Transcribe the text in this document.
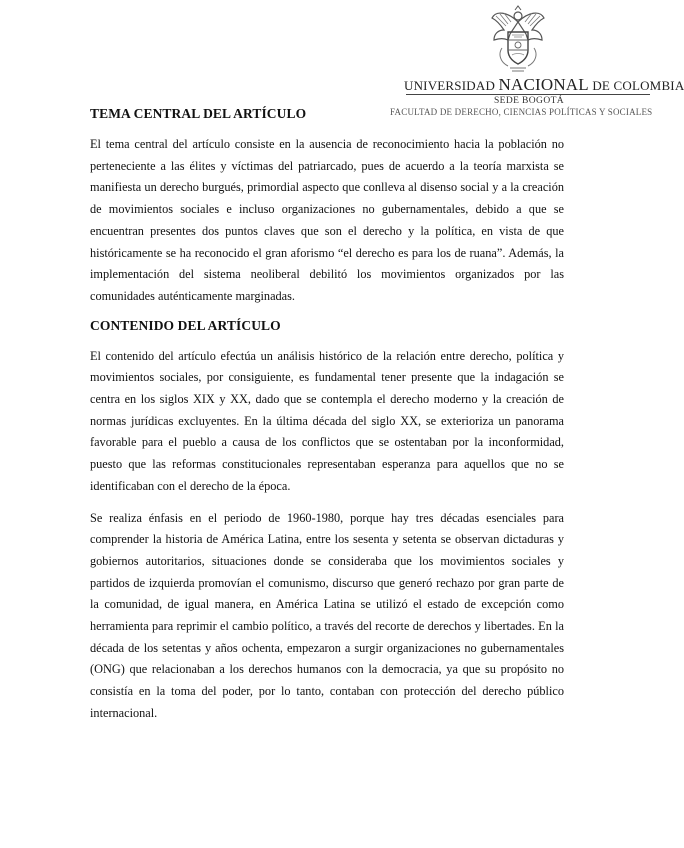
UNIVERSIDAD NACIONAL DE COLOMBIA
SEDE BOGOTÁ
FACULTAD DE DERECHO, CIENCIAS POLÍTICAS Y SOCIALES
TEMA CENTRAL DEL ARTÍCULO

El tema central del artículo consiste en la ausencia de reconocimiento hacia la población no perteneciente a las élites y víctimas del patriarcado, pues de acuerdo a la teoría marxista se manifiesta un derecho burgués, primordial aspecto que conlleva al disenso social y a la creación de movimientos sociales e incluso organizaciones no gubernamentales, debido a que se encuentran presentes dos puntos claves que son el derecho y la política, en vista de que históricamente se ha reconocido el gran aforismo “el derecho es para los de ruana”. Además, la implementación del sistema neoliberal debilitó los movimientos organizados por las comunidades auténticamente marginadas.

CONTENIDO DEL ARTÍCULO

El contenido del artículo efectúa un análisis histórico de la relación entre derecho, política y movimientos sociales, por consiguiente, es fundamental tener presente que la indagación se centra en los siglos XIX y XX, dado que se contempla el derecho moderno y la creación de normas jurídicas excluyentes. En la última década del siglo XX, se exterioriza un panorama favorable para el pueblo a causa de los conflictos que se ostentaban por la inconformidad, puesto que las reformas constitucionales representaban esperanza para aquellos que no se identificaban con el derecho de la época.

Se realiza énfasis en el periodo de 1960-1980, porque hay tres décadas esenciales para comprender la historia de América Latina, entre los sesenta y setenta se observan dictaduras y gobiernos autoritarios, situaciones donde se consideraba que los movimientos sociales y partidos de izquierda promovían el comunismo, discurso que generó rechazo por gran parte de la comunidad, de igual manera, en América Latina se utilizó el estado de excepción como herramienta para reprimir el cambio político, a través del recorte de derechos y libertades. En la década de los setentas y años ochenta, empezaron a surgir organizaciones no gubernamentales (ONG) que relacionaban a los derechos humanos con la democracia, ya que su propósito no consistía en la toma del poder, por lo tanto, contaban con protección del derecho público internacional.
